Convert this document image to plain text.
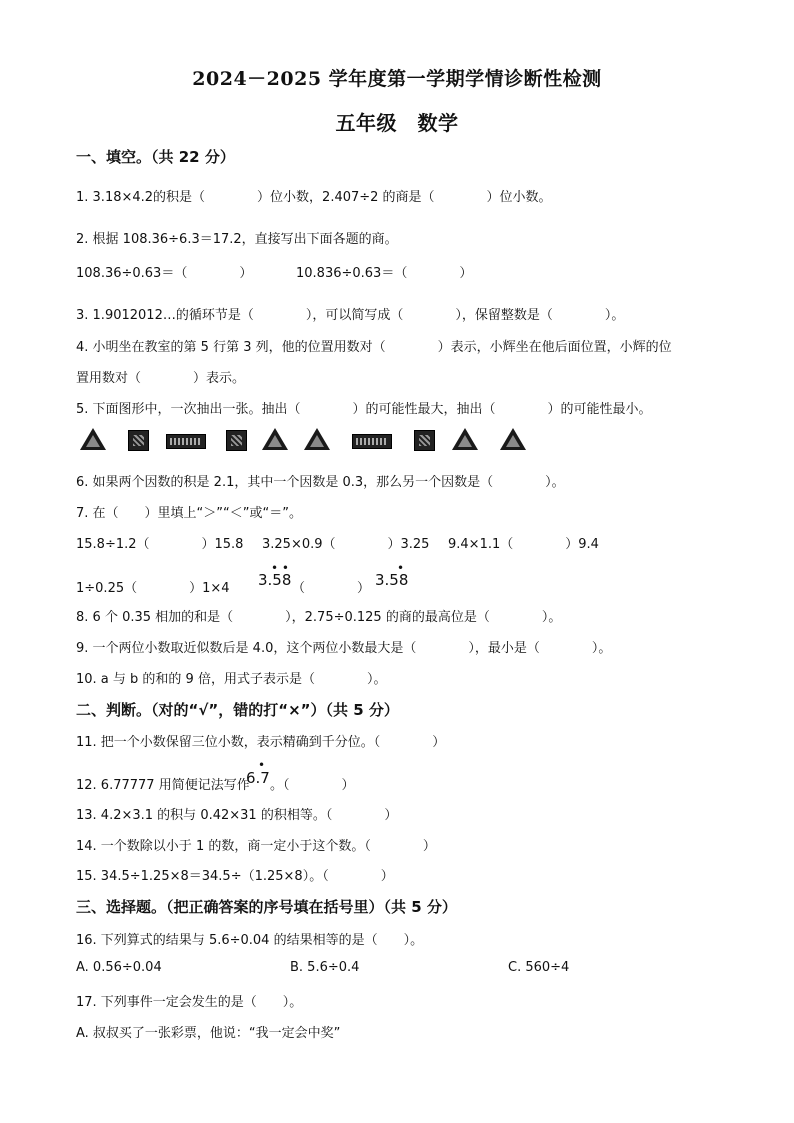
2024－2025 学年度第一学期学情诊断性检测
五年级　数学
一、填空。（共 22 分）
1. 3.18×4.2的积是（　　　　）位小数，2.407÷2 的商是（　　　　）位小数。
2. 根据 108.36÷6.3＝17.2，直接写出下面各题的商。
108.36÷0.63＝（　　　　）	10.836÷0.63＝（　　　　）
3. 1.9012012…的循环节是（　　　　），可以简写成（　　　　），保留整数是（　　　　）。
4. 小明坐在教室的第 5 行第 3 列，他的位置用数对（　　　　）表示，小辉坐在他后面位置，小辉的位
置用数对（　　　　）表示。
5. 下面图形中，一次抽出一张。抽出（　　　　）的可能性最大，抽出（　　　　）的可能性最小。
6. 如果两个因数的积是 2.1，其中一个因数是 0.3，那么另一个因数是（　　　　）。
7. 在（　　）里填上“＞”“＜”或“＝”。
15.8÷1.2（　　　　）15.8 3.25×0.9（　　　　）3.25 9.4×1.1（　　　　）9.4
1÷0.25（　　　　）1×4
• •
3.58 （　　　　）
•
3.58
8. 6 个 0.35 相加的和是（　　　　），2.75÷0.125 的商的最高位是（　　　　）。
9. 一个两位小数取近似数后是 4.0，这个两位小数最大是（　　　　），最小是（　　　　）。
10. a 与 b 的和的 9 倍，用式子表示是（　　　　）。
二、判断。（对的“√”，错的打“×”）（共 5 分）
11. 把一个小数保留三位小数，表示精确到千分位。（　　　　）
12. 6.77777 用简便记法写作
•
6.7 。（　　　　）
13. 4.2×3.1 的积与 0.42×31 的积相等。（　　　　）
14. 一个数除以小于 1 的数，商一定小于这个数。（　　　　）
15. 34.5÷1.25×8＝34.5÷（1.25×8）。（　　　　）
三、选择题。（把正确答案的序号填在括号里）（共 5 分）
16. 下列算式的结果与 5.6÷0.04 的结果相等的是（　　）。
A. 0.56÷0.04	B. 5.6÷0.4	C. 560÷4
17. 下列事件一定会发生的是（　　）。
A. 叔叔买了一张彩票，他说：“我一定会中奖”
